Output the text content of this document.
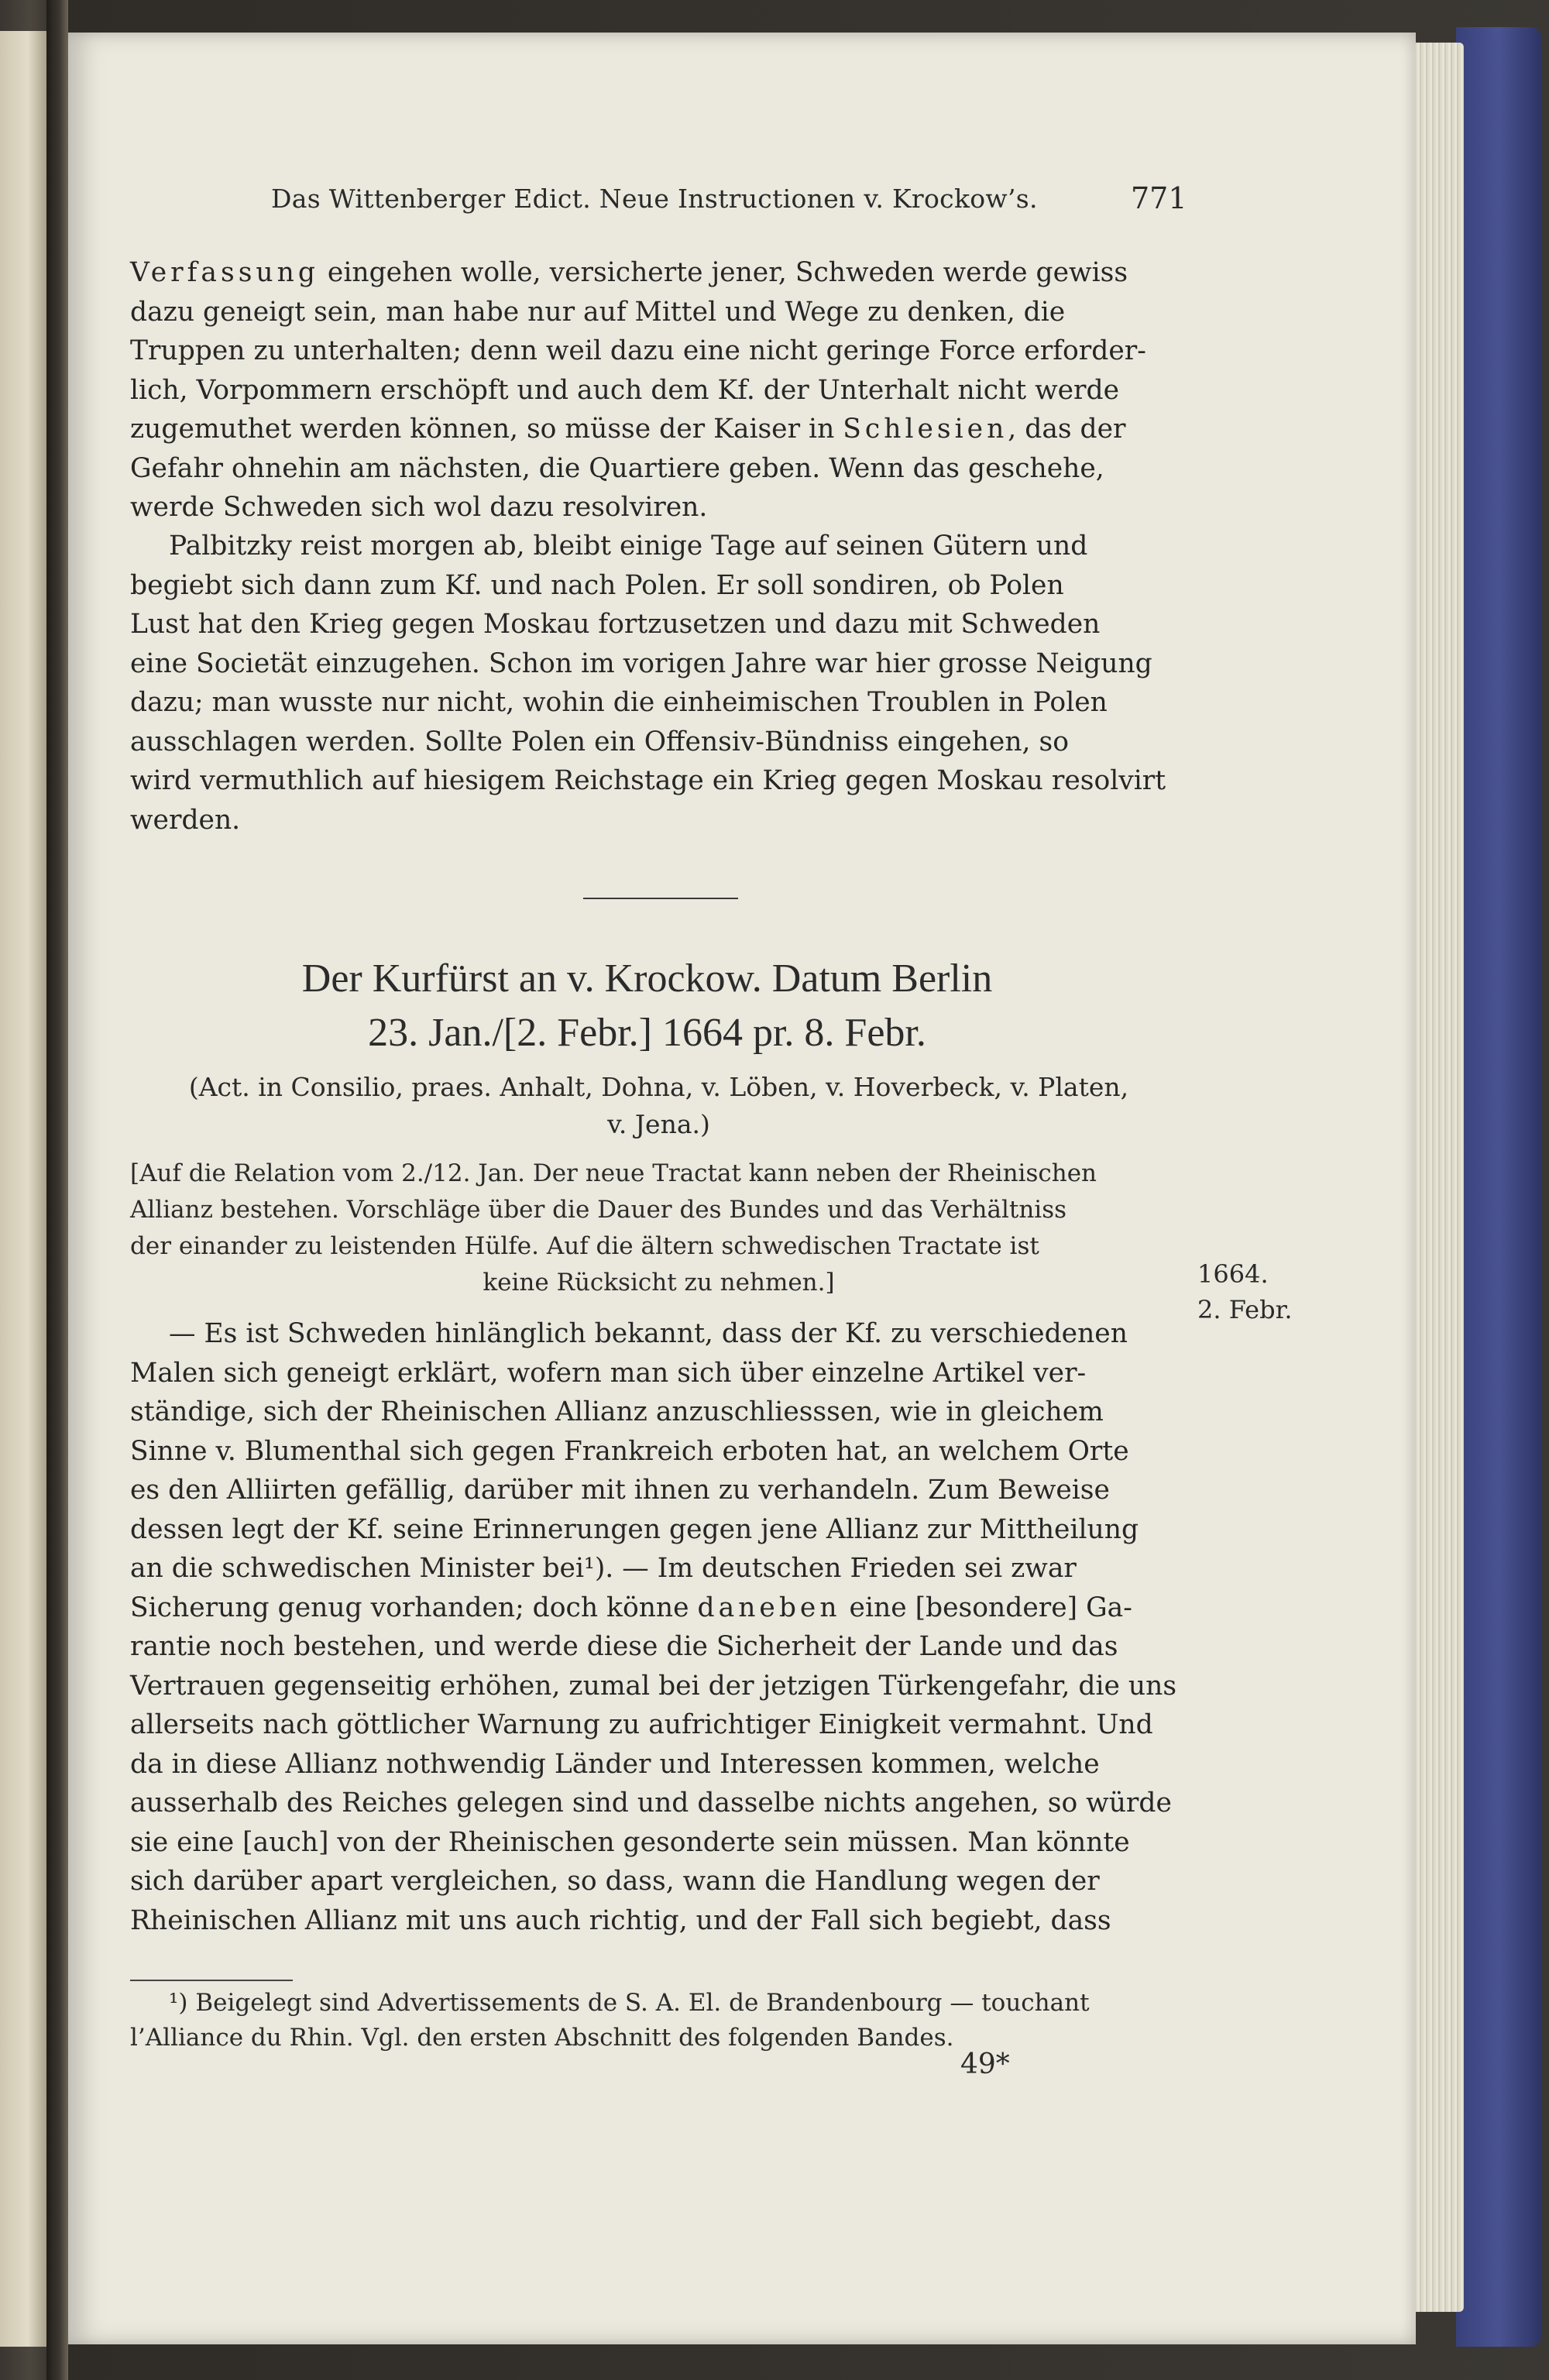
Das Wittenberger Edict. Neue Instructionen v. Krockow’s.	771
Verfassung eingehen wolle, versicherte jener, Schweden werde gewiss
dazu geneigt sein, man habe nur auf Mittel und Wege zu denken, die
Truppen zu unterhalten; denn weil dazu eine nicht geringe Force erforder-
lich, Vorpommern erschöpft und auch dem Kf. der Unterhalt nicht werde
zugemuthet werden können, so müsse der Kaiser in Schlesien, das der
Gefahr ohnehin am nächsten, die Quartiere geben. Wenn das geschehe,
werde Schweden sich wol dazu resolviren.
Palbitzky reist morgen ab, bleibt einige Tage auf seinen Gütern und
begiebt sich dann zum Kf. und nach Polen. Er soll sondiren, ob Polen
Lust hat den Krieg gegen Moskau fortzusetzen und dazu mit Schweden
eine Societät einzugehen. Schon im vorigen Jahre war hier grosse Neigung
dazu; man wusste nur nicht, wohin die einheimischen Troublen in Polen
ausschlagen werden. Sollte Polen ein Offensiv-Bündniss eingehen, so
wird vermuthlich auf hiesigem Reichstage ein Krieg gegen Moskau resolvirt
werden.
Der Kurfürst an v. Krockow. Datum Berlin
23. Jan./[2. Febr.] 1664 pr. 8. Febr.
(Act. in Consilio, praes. Anhalt, Dohna, v. Löben, v. Hoverbeck, v. Platen,
v. Jena.)
[Auf die Relation vom 2./12. Jan. Der neue Tractat kann neben der Rheinischen
Allianz bestehen. Vorschläge über die Dauer des Bundes und das Verhältniss
der einander zu leistenden Hülfe. Auf die ältern schwedischen Tractate ist
keine Rücksicht zu nehmen.]	1664.
2. Febr.
— Es ist Schweden hinlänglich bekannt, dass der Kf. zu verschiedenen
Malen sich geneigt erklärt, wofern man sich über einzelne Artikel ver-
ständige, sich der Rheinischen Allianz anzuschliesssen, wie in gleichem
Sinne v. Blumenthal sich gegen Frankreich erboten hat, an welchem Orte
es den Alliirten gefällig, darüber mit ihnen zu verhandeln. Zum Beweise
dessen legt der Kf. seine Erinnerungen gegen jene Allianz zur Mittheilung
an die schwedischen Minister bei¹). — Im deutschen Frieden sei zwar
Sicherung genug vorhanden; doch könne daneben eine [besondere] Ga-
rantie noch bestehen, und werde diese die Sicherheit der Lande und das
Vertrauen gegenseitig erhöhen, zumal bei der jetzigen Türkengefahr, die uns
allerseits nach göttlicher Warnung zu aufrichtiger Einigkeit vermahnt. Und
da in diese Allianz nothwendig Länder und Interessen kommen, welche
ausserhalb des Reiches gelegen sind und dasselbe nichts angehen, so würde
sie eine [auch] von der Rheinischen gesonderte sein müssen. Man könnte
sich darüber apart vergleichen, so dass, wann die Handlung wegen der
Rheinischen Allianz mit uns auch richtig, und der Fall sich begiebt, dass
¹) Beigelegt sind Advertissements de S. A. El. de Brandenbourg — touchant
l’Alliance du Rhin. Vgl. den ersten Abschnitt des folgenden Bandes.
49*
